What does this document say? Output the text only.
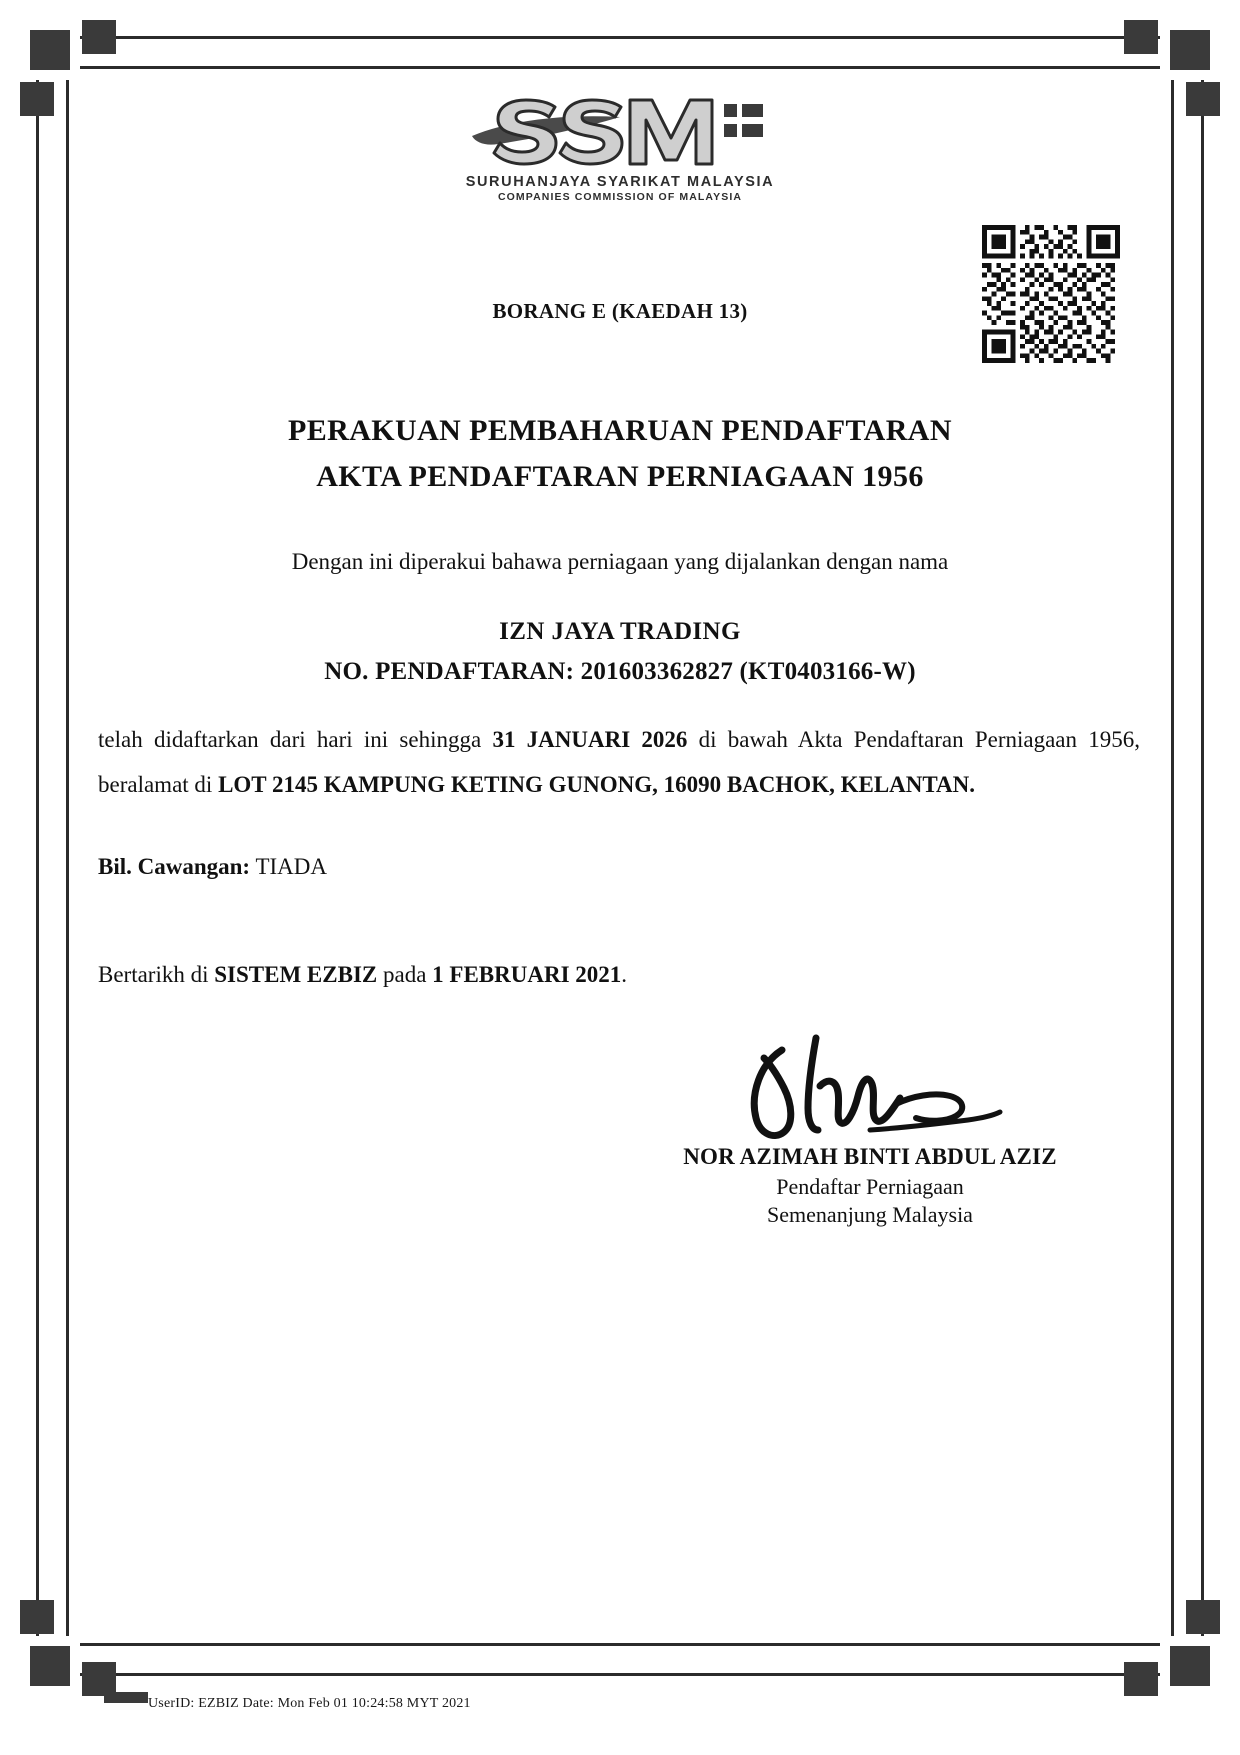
SURUHANJAYA SYARIKAT MALAYSIA
COMPANIES COMMISSION OF MALAYSIA
BORANG E (KAEDAH 13)
PERAKUAN PEMBAHARUAN PENDAFTARAN
AKTA PENDAFTARAN PERNIAGAAN 1956
Dengan ini diperakui bahawa perniagaan yang dijalankan dengan nama
IZN JAYA TRADING
NO. PENDAFTARAN: 201603362827 (KT0403166-W)
telah didaftarkan dari hari ini sehingga 31 JANUARI 2026 di bawah Akta Pendaftaran Perniagaan 1956, beralamat di LOT 2145 KAMPUNG KETING GUNONG, 16090 BACHOK, KELANTAN.
Bil. Cawangan: TIADA
Bertarikh di SISTEM EZBIZ pada 1 FEBRUARI 2021.
NOR AZIMAH BINTI ABDUL AZIZ
Pendaftar Perniagaan
Semenanjung Malaysia
UserID: EZBIZ Date: Mon Feb 01 10:24:58 MYT 2021
